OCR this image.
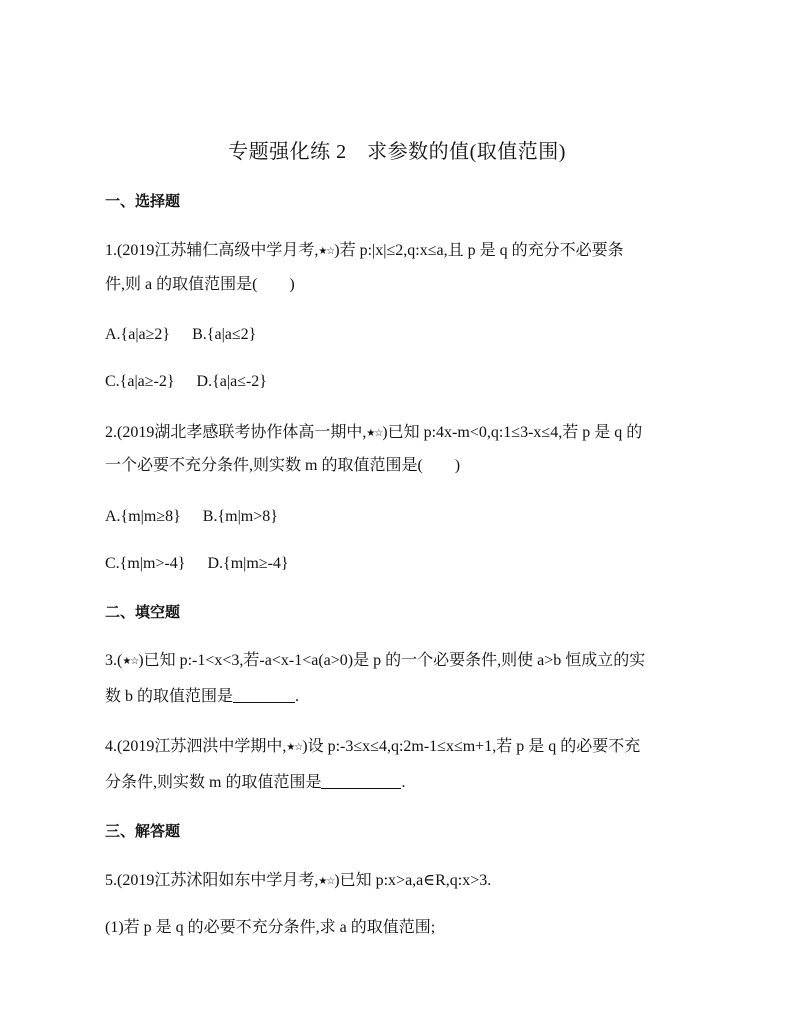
专题强化练 2　求参数的值(取值范围)
一、选择题
1.(2019江苏辅仁高级中学月考,★☆)若 p:|x|≤2,q:x≤a,且 p 是 q 的充分不必要条
件,则 a 的取值范围是(　　)
A.{a|a≥2} B.{a|a≤2}
C.{a|a≥-2} D.{a|a≤-2}
2.(2019湖北孝感联考协作体高一期中,★☆)已知 p:4x-m<0,q:1≤3-x≤4,若 p 是 q 的
一个必要不充分条件,则实数 m 的取值范围是(　　)
A.{m|m≥8} B.{m|m>8}
C.{m|m>-4} D.{m|m≥-4}
二、填空题
3.(★☆)已知 p:-1<x<3,若-a<x-1<a(a>0)是 p 的一个必要条件,则使 a>b 恒成立的实
数 b 的取值范围是	.
4.(2019江苏泗洪中学期中,★☆)设 p:-3≤x≤4,q:2m-1≤x≤m+1,若 p 是 q 的必要不充
分条件,则实数 m 的取值范围是	.
三、解答题
5.(2019江苏沭阳如东中学月考,★☆)已知 p:x>a,a∈R,q:x>3.
(1)若 p 是 q 的必要不充分条件,求 a 的取值范围;
